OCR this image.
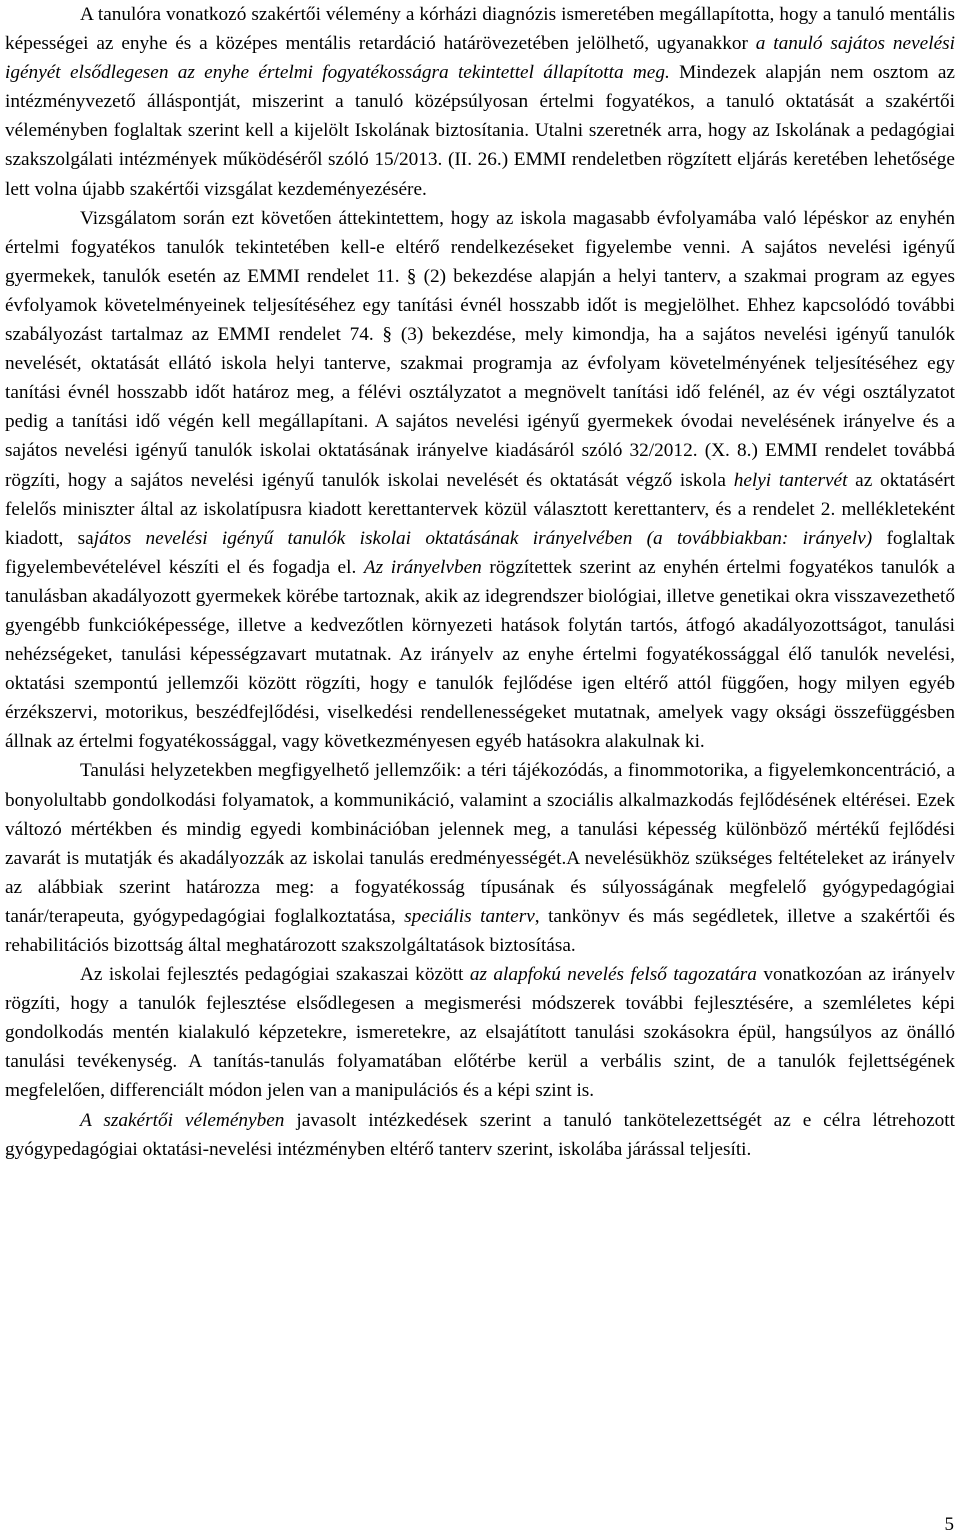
A tanulóra vonatkozó szakértői vélemény a kórházi diagnózis ismeretében megállapította, hogy a tanuló mentális képességei az enyhe és a középes mentális retardáció határövezetében jelölhető, ugyanakkor a tanuló sajátos nevelési igényét elsődlegesen az enyhe értelmi fogyatékosságra tekintettel állapította meg. Mindezek alapján nem osztom az intézményvezető álláspontját, miszerint a tanuló középsúlyosan értelmi fogyatékos, a tanuló oktatását a szakértői véleményben foglaltak szerint kell a kijelölt Iskolának biztosítania. Utalni szeretnék arra, hogy az Iskolának a pedagógiai szakszolgálati intézmények működéséről szóló 15/2013. (II. 26.) EMMI rendeletben rögzített eljárás keretében lehetősége lett volna újabb szakértői vizsgálat kezdeményezésére.

Vizsgálatom során ezt követően áttekintettem, hogy az iskola magasabb évfolyamába való lépéskor az enyhén értelmi fogyatékos tanulók tekintetében kell-e eltérő rendelkezéseket figyelembe venni. A sajátos nevelési igényű gyermekek, tanulók esetén az EMMI rendelet 11. § (2) bekezdése alapján a helyi tanterv, a szakmai program az egyes évfolyamok követelményeinek teljesítéséhez egy tanítási évnél hosszabb időt is megjelölhet. Ehhez kapcsolódó további szabályozást tartalmaz az EMMI rendelet 74. § (3) bekezdése, mely kimondja, ha a sajátos nevelési igényű tanulók nevelését, oktatását ellátó iskola helyi tanterve, szakmai programja az évfolyam követelményének teljesítéséhez egy tanítási évnél hosszabb időt határoz meg, a félévi osztályzatot a megnövelt tanítási idő felénél, az év végi osztályzatot pedig a tanítási idő végén kell megállapítani. A sajátos nevelési igényű gyermekek óvodai nevelésének irányelve és a sajátos nevelési igényű tanulók iskolai oktatásának irányelve kiadásáról szóló 32/2012. (X. 8.) EMMI rendelet továbbá rögzíti, hogy a sajátos nevelési igényű tanulók iskolai nevelését és oktatását végző iskola helyi tantervét az oktatásért felelős miniszter által az iskolatípusra kiadott kerettantervek közül választott kerettanterv, és a rendelet 2. mellékleteként kiadott, sajátos nevelési igényű tanulók iskolai oktatásának irányelvében (a továbbiakban: irányelv) foglaltak figyelembevételével készíti el és fogadja el. Az irányelvben rögzítettek szerint az enyhén értelmi fogyatékos tanulók a tanulásban akadályozott gyermekek körébe tartoznak, akik az idegrendszer biológiai, illetve genetikai okra visszavezethető gyengébb funkcióképessége, illetve a kedvezőtlen környezeti hatások folytán tartós, átfogó akadályozottságot, tanulási nehézségeket, tanulási képességzavart mutatnak. Az irányelv az enyhe értelmi fogyatékossággal élő tanulók nevelési, oktatási szempontú jellemzői között rögzíti, hogy e tanulók fejlődése igen eltérő attól függően, hogy milyen egyéb érzékszervi, motorikus, beszédfejlődési, viselkedési rendellenességeket mutatnak, amelyek vagy oksági összefüggésben állnak az értelmi fogyatékossággal, vagy következményesen egyéb hatásokra alakulnak ki.

Tanulási helyzetekben megfigyelhető jellemzőik: a téri tájékozódás, a finommotorika, a figyelemkoncentráció, a bonyolultabb gondolkodási folyamatok, a kommunikáció, valamint a szociális alkalmazkodás fejlődésének eltérései. Ezek változó mértékben és mindig egyedi kombinációban jelennek meg, a tanulási képesség különböző mértékű fejlődési zavarát is mutatják és akadályozzák az iskolai tanulás eredményességét.A nevelésükhöz szükséges feltételeket az irányelv az alábbiak szerint határozza meg: a fogyatékosság típusának és súlyosságának megfelelő gyógypedagógiai tanár/terapeuta, gyógypedagógiai foglalkoztatása, speciális tanterv, tankönyv és más segédletek, illetve a szakértői és rehabilitációs bizottság által meghatározott szakszolgáltatások biztosítása.

Az iskolai fejlesztés pedagógiai szakaszai között az alapfokú nevelés felső tagozatára vonatkozóan az irányelv rögzíti, hogy a tanulók fejlesztése elsődlegesen a megismerési módszerek további fejlesztésére, a szemléletes képi gondolkodás mentén kialakuló képzetekre, ismeretekre, az elsajátított tanulási szokásokra épül, hangsúlyos az önálló tanulási tevékenység. A tanítás-tanulás folyamatában előtérbe kerül a verbális szint, de a tanulók fejlettségének megfelelően, differenciált módon jelen van a manipulációs és a képi szint is.

A szakértői véleményben javasolt intézkedések szerint a tanuló tankötelezettségét az e célra létrehozott gyógypedagógiai oktatási-nevelési intézményben eltérő tanterv szerint, iskolába járással teljesíti.

5
